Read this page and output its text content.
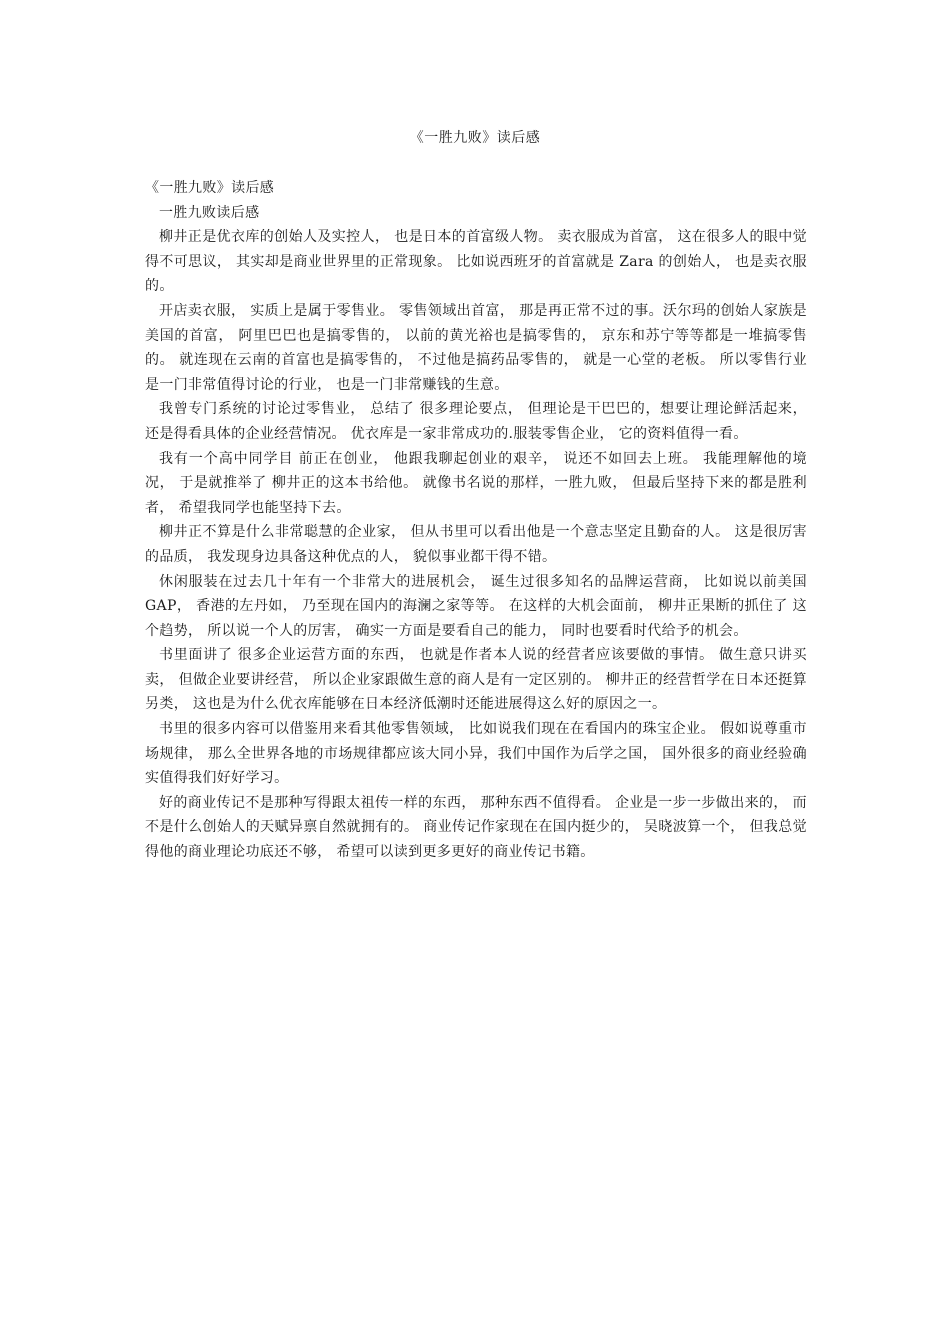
《一胜九败》读后感

《一胜九败》读后感

一胜九败读后感

柳井正是优衣库的创始人及实控人， 也是日本的首富级人物。 卖衣服成为首富， 这在很多人的眼中觉得不可思议， 其实却是商业世界里的正常现象。 比如说西班牙的首富就是 Zara 的创始人， 也是卖衣服的。

开店卖衣服， 实质上是属于零售业。 零售领域出首富， 那是再正常不过的事。沃尔玛的创始人家族是美国的首富， 阿里巴巴也是搞零售的， 以前的黄光裕也是搞零售的， 京东和苏宁等等都是一堆搞零售的。 就连现在云南的首富也是搞零售的， 不过他是搞药品零售的， 就是一心堂的老板。 所以零售行业是一门非常值得讨论的行业， 也是一门非常赚钱的生意。

我曾专门系统的讨论过零售业， 总结了 很多理论要点， 但理论是干巴巴的，想要让理论鲜活起来， 还是得看具体的企业经营情况。 优衣库是一家非常成功的.服装零售企业， 它的资料值得一看。

我有一个高中同学目 前正在创业， 他跟我聊起创业的艰辛， 说还不如回去上班。 我能理解他的境况， 于是就推举了 柳井正的这本书给他。 就像书名说的那样，一胜九败， 但最后坚持下来的都是胜利者， 希望我同学也能坚持下去。

柳井正不算是什么非常聪慧的企业家， 但从书里可以看出他是一个意志坚定且勤奋的人。 这是很厉害的品质， 我发现身边具备这种优点的人， 貌似事业都干得不错。

休闲服装在过去几十年有一个非常大的进展机会， 诞生过很多知名的品牌运营商， 比如说以前美国 GAP， 香港的左丹如， 乃至现在国内的海澜之家等等。 在这样的大机会面前， 柳井正果断的抓住了 这个趋势， 所以说一个人的厉害， 确实一方面是要看自己的能力， 同时也要看时代给予的机会。

书里面讲了 很多企业运营方面的东西， 也就是作者本人说的经营者应该要做的事情。 做生意只讲买卖， 但做企业要讲经营， 所以企业家跟做生意的商人是有一定区别的。 柳井正的经营哲学在日本还挺算另类， 这也是为什么优衣库能够在日本经济低潮时还能进展得这么好的原因之一。

书里的很多内容可以借鉴用来看其他零售领域， 比如说我们现在在看国内的珠宝企业。 假如说尊重市场规律， 那么全世界各地的市场规律都应该大同小异，我们中国作为后学之国， 国外很多的商业经验确实值得我们好好学习。

好的商业传记不是那种写得跟太祖传一样的东西， 那种东西不值得看。 企业是一步一步做出来的， 而不是什么创始人的天赋异禀自然就拥有的。 商业传记作家现在在国内挺少的， 吴晓波算一个， 但我总觉得他的商业理论功底还不够， 希望可以读到更多更好的商业传记书籍。
